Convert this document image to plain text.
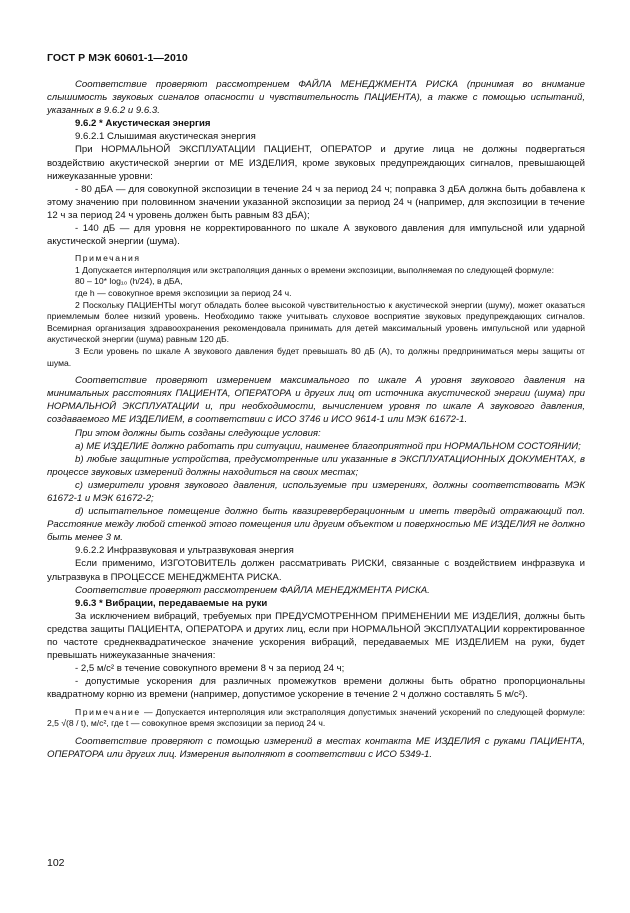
ГОСТ Р МЭК 60601-1—2010

Соответствие проверяют рассмотрением ФАЙЛА МЕНЕДЖМЕНТА РИСКА (принимая во внимание слышимость звуковых сигналов опасности и чувствительность ПАЦИЕНТА), а также с помощью испытаний, указанных в 9.6.2 и 9.6.3.

9.6.2 * Акустическая энергия

9.6.2.1 Слышимая акустическая энергия

При НОРМАЛЬНОЙ ЭКСПЛУАТАЦИИ ПАЦИЕНТ, ОПЕРАТОР и другие лица не должны подвергаться воздействию акустической энергии от МЕ ИЗДЕЛИЯ, кроме звуковых предупреждающих сигналов, превышающей нижеуказанные уровни:

- 80 дБА — для совокупной экспозиции в течение 24 ч за период 24 ч; поправка 3 дБА должна быть добавлена к этому значению при половинном значении указанной экспозиции за период 24 ч (например, для экспозиции в течение 12 ч за период 24 ч уровень должен быть равным 83 дБА);

- 140 дБ — для уровня не корректированного по шкале А звукового давления для импульсной или ударной акустической энергии (шума).

Примечания

1 Допускается интерполяция или экстраполяция данных о времени экспозиции, выполняемая по следующей формуле:

80 – 10* log₁₀ (h/24), в дБА,

где h — совокупное время экспозиции за период 24 ч.

2 Поскольку ПАЦИЕНТЫ могут обладать более высокой чувствительностью к акустической энергии (шуму), может оказаться приемлемым более низкий уровень. Необходимо также учитывать слуховое восприятие звуковых предупреждающих сигналов. Всемирная организация здравоохранения рекомендовала принимать для детей максимальный уровень импульсной или ударной акустической энергии (шума) равным 120 дБ.

3 Если уровень по шкале А звукового давления будет превышать 80 дБ (А), то должны предприниматься меры защиты от шума.

Соответствие проверяют измерением максимального по шкале А уровня звукового давления на минимальных расстояниях ПАЦИЕНТА, ОПЕРАТОРА и других лиц от источника акустической энергии (шума) при НОРМАЛЬНОЙ ЭКСПЛУАТАЦИИ и, при необходимости, вычислением уровня по шкале А звукового давления, создаваемого МЕ ИЗДЕЛИЕМ, в соответствии с ИСО 3746 и ИСО 9614-1 или МЭК 61672-1.

При этом должны быть созданы следующие условия:

a) МЕ ИЗДЕЛИЕ должно работать при ситуации, наименее благоприятной при НОРМАЛЬНОМ СОСТОЯНИИ;

b) любые защитные устройства, предусмотренные или указанные в ЭКСПЛУАТАЦИОННЫХ ДОКУМЕНТАХ, в процессе звуковых измерений должны находиться на своих местах;

c) измерители уровня звукового давления, используемые при измерениях, должны соответствовать МЭК 61672-1 и МЭК 61672-2;

d) испытательное помещение должно быть квазиреверберационным и иметь твердый отражающий пол. Расстояние между любой стенкой этого помещения или другим объектом и поверхностью МЕ ИЗДЕЛИЯ не должно быть менее 3 м.

9.6.2.2 Инфразвуковая и ультразвуковая энергия

Если применимо, ИЗГОТОВИТЕЛЬ должен рассматривать РИСКИ, связанные с воздействием инфразвука и ультразвука в ПРОЦЕССЕ МЕНЕДЖМЕНТА РИСКА.

Соответствие проверяют рассмотрением ФАЙЛА МЕНЕДЖМЕНТА РИСКА.

9.6.3 * Вибрации, передаваемые на руки

За исключением вибраций, требуемых при ПРЕДУСМОТРЕННОМ ПРИМЕНЕНИИ МЕ ИЗДЕЛИЯ, должны быть средства защиты ПАЦИЕНТА, ОПЕРАТОРА и других лиц, если при НОРМАЛЬНОЙ ЭКСПЛУАТАЦИИ корректированное по частоте среднеквадратическое значение ускорения вибраций, передаваемых МЕ ИЗДЕЛИЕМ на руки, будет превышать нижеуказанные значения:

- 2,5 м/с² в течение совокупного времени 8 ч за период 24 ч;

- допустимые ускорения для различных промежутков времени должны быть обратно пропорциональны квадратному корню из времени (например, допустимое ускорение в течение 2 ч должно составлять 5 м/с²).

Примечание — Допускается интерполяция или экстраполяция допустимых значений ускорений по следующей формуле: 2,5 √(8 / t), м/с², где t — совокупное время экспозиции за период 24 ч.

Соответствие проверяют с помощью измерений в местах контакта МЕ ИЗДЕЛИЯ с руками ПАЦИЕНТА, ОПЕРАТОРА или других лиц. Измерения выполняют в соответствии с ИСО 5349-1.

102
